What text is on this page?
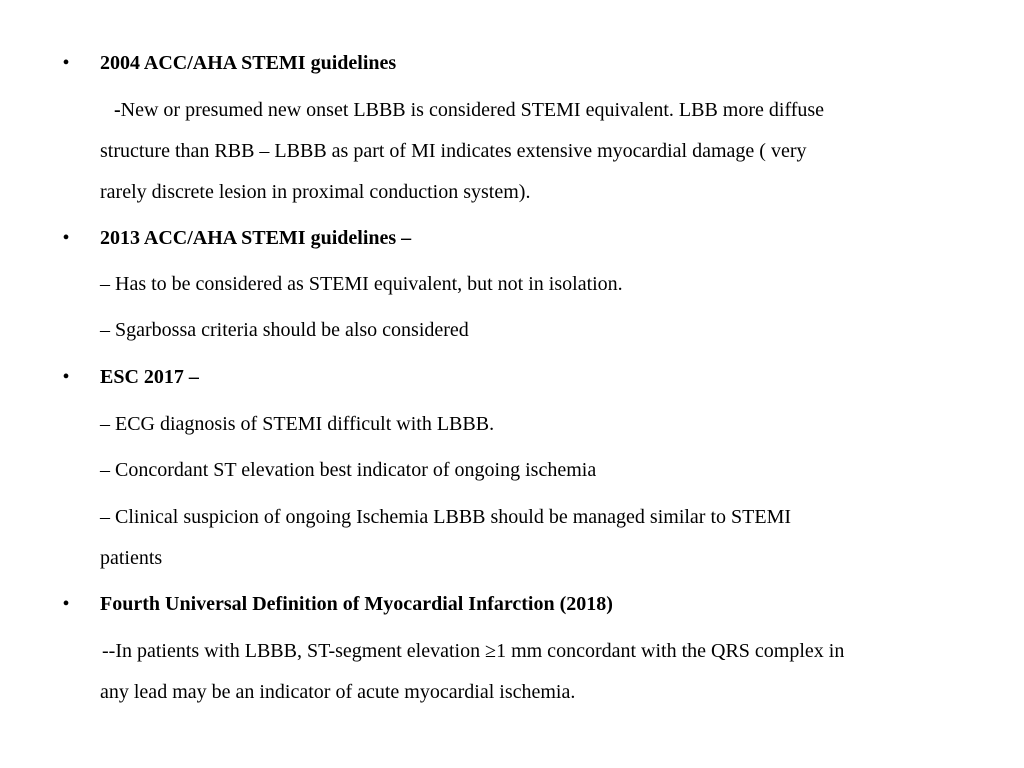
• 2004 ACC/AHA STEMI guidelines
-New or presumed new onset LBBB is considered STEMI equivalent. LBB more diffuse
structure than RBB – LBBB as part of MI indicates extensive myocardial damage ( very
rarely discrete lesion in proximal conduction system).
• 2013 ACC/AHA STEMI guidelines –
– Has to be considered as STEMI equivalent, but not in isolation.
– Sgarbossa criteria should be also considered
• ESC 2017 –
– ECG diagnosis of STEMI difficult with LBBB.
– Concordant ST elevation best indicator of ongoing ischemia
– Clinical suspicion of ongoing Ischemia LBBB should be managed similar to STEMI
patients
• Fourth Universal Definition of Myocardial Infarction (2018)
--In patients with LBBB, ST-segment elevation ≥1 mm concordant with the QRS complex in
any lead may be an indicator of acute myocardial ischemia.
